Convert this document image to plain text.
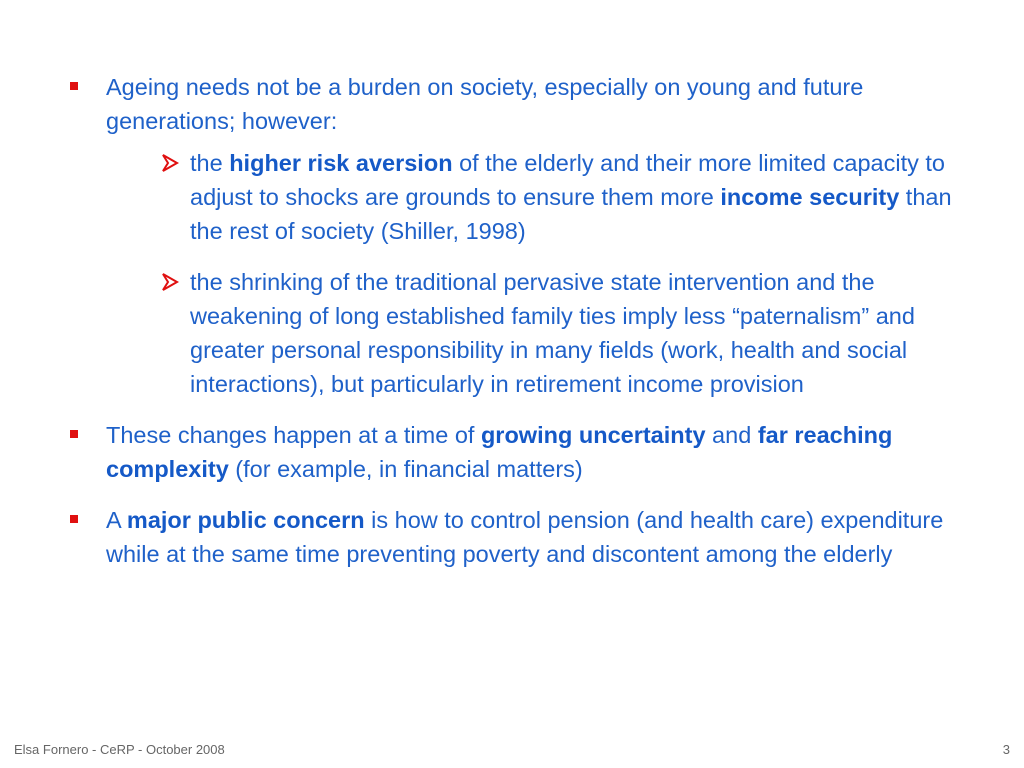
Ageing needs not be a burden on society, especially on young and future generations; however:
the higher risk aversion of the elderly and their more limited capacity to adjust to shocks are grounds to ensure them more income security than the rest of society (Shiller, 1998)
the shrinking of the traditional pervasive state intervention and the weakening of long established family ties imply less “paternalism” and greater personal responsibility in many fields (work, health and social interactions), but particularly in retirement income provision
These changes happen at a time of growing uncertainty and far reaching complexity (for example, in financial matters)
A major public concern is how to control pension (and health care) expenditure while at the same time preventing poverty and discontent among the elderly
Elsa Fornero - CeRP - October 2008	3
